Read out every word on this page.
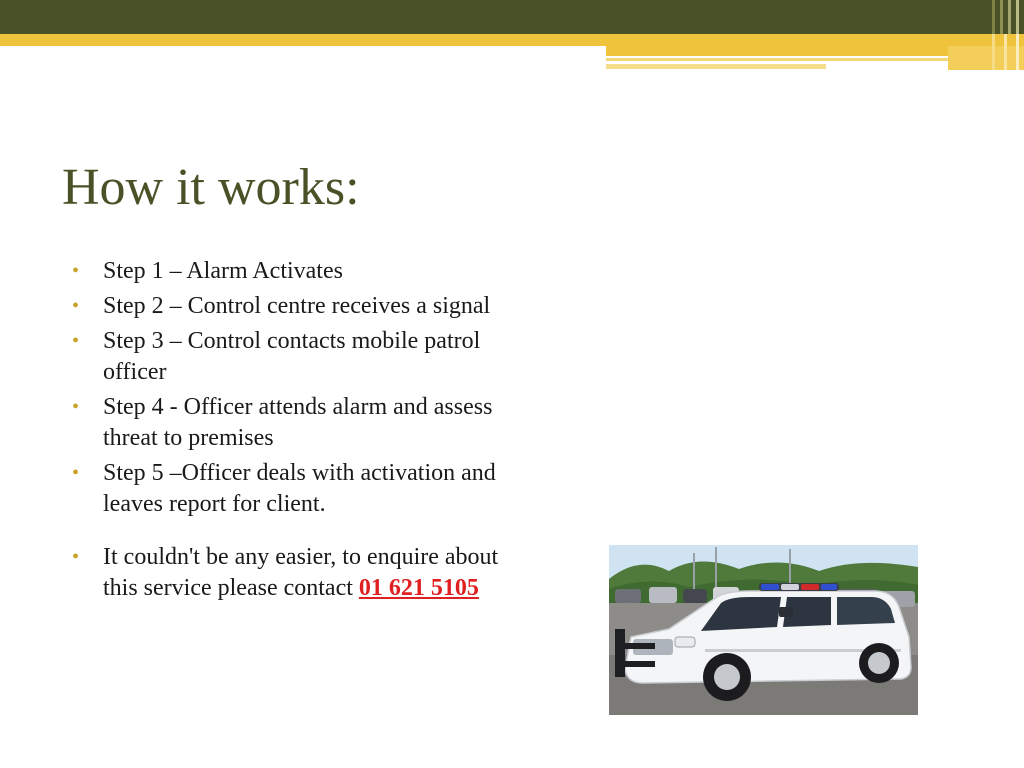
How it works:
• Step 1 – Alarm Activates
• Step 2 – Control centre receives a signal
• Step 3 – Control contacts mobile patrol officer
• Step 4 - Officer attends alarm and assess threat to premises
• Step 5 –Officer deals with activation and leaves report for client.
• It couldn't be any easier, to enquire about this service please contact 01 621 5105
